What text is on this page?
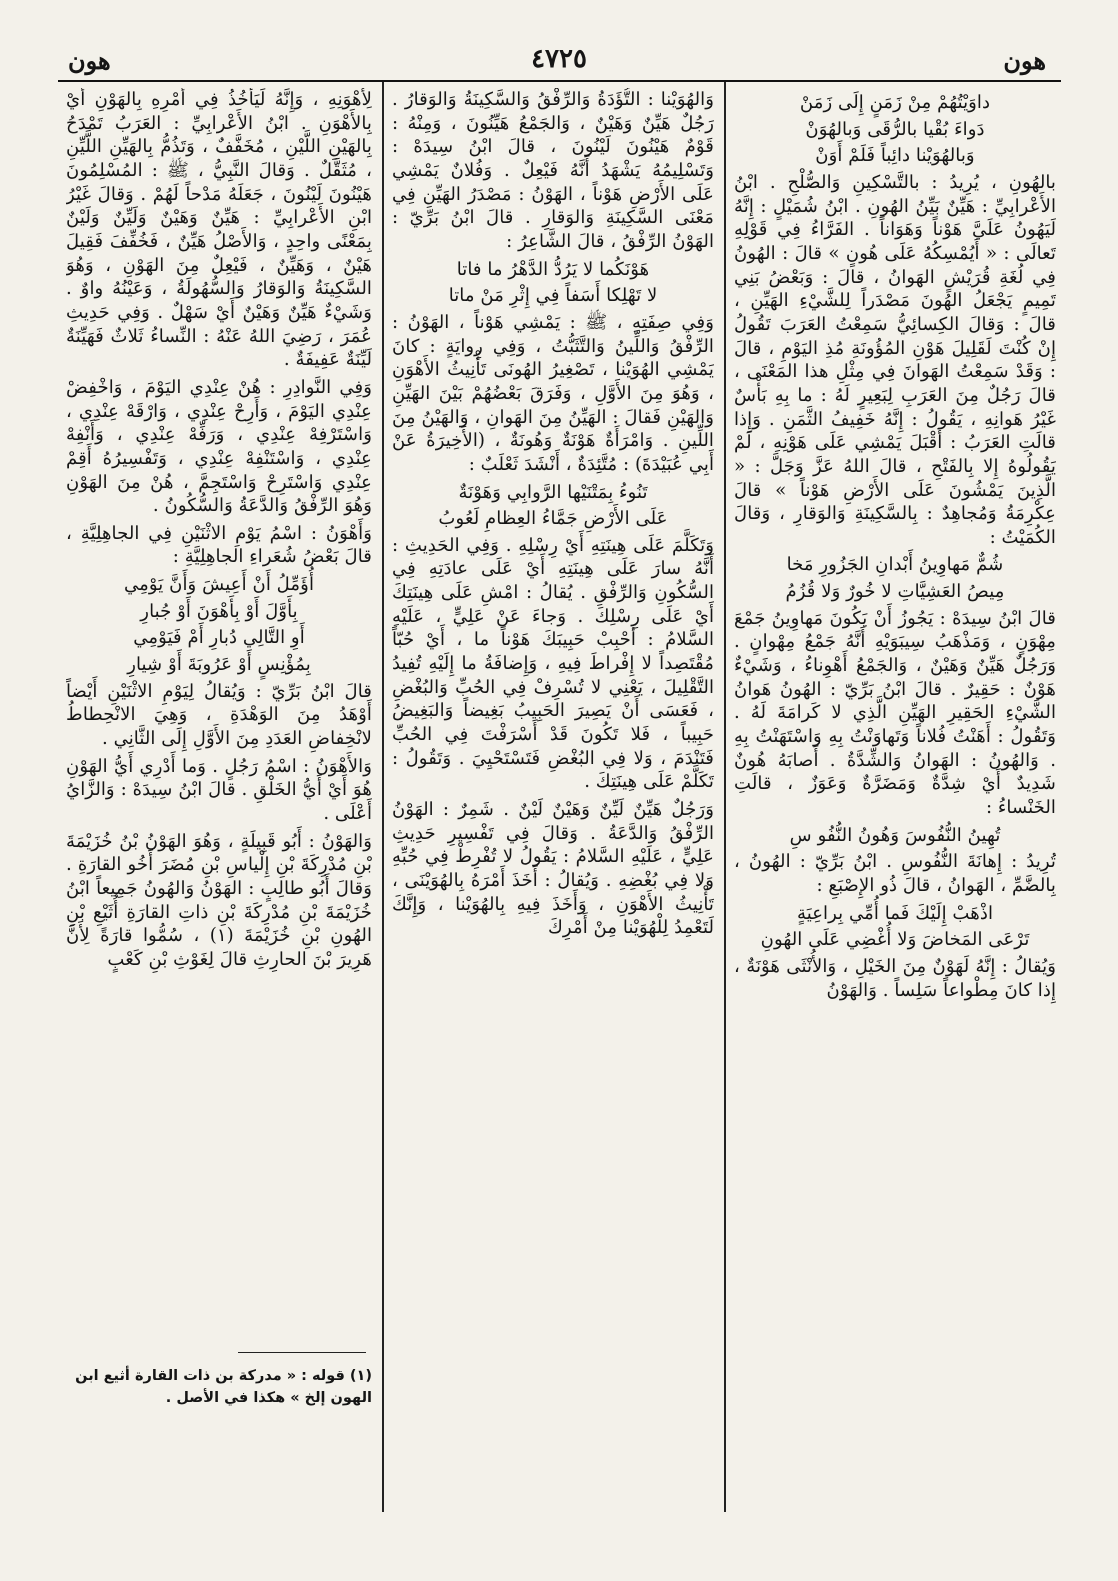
هون
٤٧٢٥
هون

داوَيْتُهُمْ مِنْ زَمَنٍ إِلَى زَمَنْ

دَواءَ بُقْيا بالرُّقَى وَبالهُوَنْ

وَبالهُوَيْنا دائِباً فَلَمْ أَوَنْ

بالهُونِ ، يُرِيدُ : بالتَّسْكِينِ وَالصُّلْحِ . ابْنُ الأَعْرابِيِّ : هَيِّنٌ بَيِّنُ الهُونِ . ابْنُ شُمَيْلٍ : إِنَّهُ لَيَهُونُ عَلَيَّ هَوْناً وَهَوَاناً . الفَرَّاءُ فِي قَوْلِهِ تَعالَى : « أَيُمْسِكُهُ عَلَى هُونٍ » قالَ : الهُونُ فِي لُغَةِ قُرَيْشٍ الهَوانُ ، قالَ : وَبَعْضُ بَنِي تَمِيمٍ يَجْعَلُ الهُونَ مَصْدَراً لِلشَّيْءِ الهَيِّنِ ، قالَ : وَقالَ الكِسائِيُّ سَمِعْتُ العَرَبَ تَقُولُ إِنْ كُنْتَ لَقَلِيلَ هَوْنِ المُؤُونَةِ مُذِ اليَوْمِ ، قالَ : وَقَدْ سَمِعْتُ الهَوانَ فِي مِثْلِ هذا المَعْنَى ، قالَ رَجُلٌ مِنَ العَرَبِ لِبَعِيرٍ لَهُ : ما بِهِ بَأْسٌ غَيْرُ هَوانِهِ ، يَقُولُ : إِنَّهُ خَفِيفُ الثَّمَنِ . وَإِذا قالَتِ العَرَبُ : أَقْبَلَ يَمْشِي عَلَى هَوْنِهِ ، لَمْ يَقُولُوهُ إِلا بِالفَتْحِ ، قالَ اللهُ عَزَّ وَجَلَّ : « الَّذِينَ يَمْشُونَ عَلَى الأَرْضِ هَوْناً » قالَ عِكْرِمَةُ وَمُجاهِدٌ : بِالسَّكِينَةِ وَالوَقارِ ، وَقالَ الكُمَيْتُ :

شُمٌّ مَهاوِينُ أَبْدانِ الجَزُورِ مَخا

مِيصُ العَشِيَّاتِ لا خُورٌ وَلا قُزُمُ

قالَ ابْنُ سِيدَهْ : يَجُوزُ أَنْ يَكُونَ مَهاوِينُ جَمْعَ مِهْوَنٍ ، وَمَذْهَبُ سِيبَوَيْهِ أَنَّهُ جَمْعُ مِهْوانٍ . وَرَجُلٌ هَيِّنٌ وَهَيْنٌ ، وَالجَمْعُ أَهْوِناءُ ، وَشَيْءٌ هَوْنٌ : حَقِيرٌ . قالَ ابْنُ بَرِّيّ : الهُونُ هَوانُ الشَّيْءِ الحَقِيرِ الهَيِّنِ الَّذِي لا كَرامَةَ لَهُ . وَتَقُولُ : أَهَنْتُ فُلاناً وَتَهاوَنْتُ بِهِ وَاسْتَهَنْتُ بِهِ . وَالهُونُ : الهَوانُ وَالشِّدَّةُ . أَصابَهُ هُونٌ شَدِيدٌ أَيْ شِدَّةٌ وَمَضَرَّةٌ وَعَوَزٌ ، قالَتِ الخَنْساءُ :

تُهِينُ النُّفُوسَ وَهُونُ النُّفُو سِ

تُرِيدُ : إِهانَةَ النُّفُوسِ . ابْنُ بَرِّيّ : الهُونُ ، بِالضَّمِّ ، الهَوانُ ، قالَ ذُو الإِصْبَعِ :

اذْهَبْ إِلَيْكَ فَما أُمِّي بِراعِيَةٍ

تَرْعَى المَخاضَ وَلا أُغْضِي عَلَى الهُونِ

وَيُقالُ : إِنَّهُ لَهَوْنٌ مِنَ الخَيْلِ ، وَالأُنْثَى هَوْنَةٌ ، إِذا كانَ مِطْواعاً سَلِساً . وَالهَوْنُ

وَالهُوَيْنا : التُّؤَدَةُ وَالرِّفْقُ وَالسَّكِينَةُ وَالوَقارُ . رَجُلٌ هَيِّنٌ وَهَيْنٌ ، وَالجَمْعُ هَيِّنُونَ ، وَمِنْهُ : قَوْمٌ هَيْنُونَ لَيْنُونَ ، قالَ ابْنُ سِيدَهْ : وَتَسْلِيمُهُ يَشْهَدُ أَنَّهُ فَيْعِلٌ . وَفُلانٌ يَمْشِي عَلَى الأَرْضِ هَوْناً ، الهَوْنُ : مَصْدَرُ الهَيِّنِ فِي مَعْنَى السَّكِينَةِ وَالوَقارِ . قالَ ابْنُ بَرِّيّ : الهَوْنُ الرِّفْقُ ، قالَ الشَّاعِرُ :

هَوْنَكُما لا يَرُدُّ الدَّهْرُ ما فاتا

لا تَهْلِكا أَسَفاً فِي إِثْرِ مَنْ ماتا

وَفِي صِفَتِهِ ، ﷺ : يَمْشِي هَوْناً ، الهَوْنُ : الرِّفْقُ وَاللِّينُ وَالتَّثَبُّتُ ، وَفِي رِوايَةٍ : كانَ يَمْشِي الهُوَيْنا ، تَصْغِيرُ الهُونَى تَأْنِيثُ الأَهْوَنِ ، وَهُوَ مِنَ الأَوَّلِ ، وَفَرَقَ بَعْضُهُمْ بَيْنَ الهَيِّنِ وَالهَيْنِ فَقالَ : الهَيِّنُ مِنَ الهَوانِ ، وَالهَيْنُ مِنَ اللِّينِ . وَامْرَأَةٌ هَوْنَةٌ وَهُونَةٌ ، (الأَخِيرَةُ عَنْ أَبِي عُبَيْدَةَ) : مُتَّئِدَةٌ ، أَنْشَدَ ثَعْلَبٌ :

تَنُوءُ بِمَتْنَيْها الرَّوابِي وَهَوْنَةٌ

عَلَى الأَرْضِ جَمَّاءُ العِظامِ لَعُوبُ

وَتَكَلَّمَ عَلَى هِينَتِهِ أَيْ رِسْلِهِ . وَفِي الحَدِيثِ : أَنَّهُ سارَ عَلَى هِينَتِهِ أَيْ عَلَى عادَتِهِ فِي السُّكُونِ وَالرِّفْقِ . يُقالُ : امْشِ عَلَى هِينَتِكَ أَيْ عَلَى رِسْلِكَ . وَجاءَ عَنْ عَلِيٍّ ، عَلَيْهِ السَّلامُ : أَحْبِبْ حَبِيبَكَ هَوْناً ما ، أَيْ حُبّاً مُقْتَصِداً لا إِفْراطَ فِيهِ ، وَإِضافَةُ ما إِلَيْهِ تُفِيدُ التَّقْلِيلَ ، يَعْنِي لا تُسْرِفْ فِي الحُبِّ وَالبُغْضِ ، فَعَسَى أَنْ يَصِيرَ الحَبِيبُ بَغِيضاً وَالبَغِيضُ حَبِيباً ، فَلا تَكُونَ قَدْ أَسْرَفْتَ فِي الحُبِّ فَتَنْدَمَ ، وَلا فِي البُغْضِ فَتَسْتَحْيِيَ . وَتَقُولُ : تَكَلَّمْ عَلَى هِينَتِكَ .

وَرَجُلٌ هَيِّنٌ لَيِّنٌ وَهَيْنٌ لَيْنٌ . شَمِرٌ : الهَوْنُ الرِّفْقُ وَالدَّعَةُ . وَقالَ فِي تَفْسِيرِ حَدِيثِ عَلِيٍّ ، عَلَيْهِ السَّلامُ : يَقُولُ لا تُفْرِطْ فِي حُبِّهِ وَلا فِي بُغْضِهِ . وَيُقالُ : أَخَذَ أَمْرَهُ بِالهُوَيْنَى ، تَأْنِيثُ الأَهْوَنِ ، وَأَخَذَ فِيهِ بِالهُوَيْنا ، وَإِنَّكَ لَتَعْمِدُ لِلْهُوَيْنا مِنْ أَمْرِكَ

لِأَهْوَنِهِ ، وَإِنَّهُ لَيَأْخُذُ فِي أَمْرِهِ بِالهَوْنِ أَيْ بِالأَهْوَنِ . ابْنُ الأَعْرابِيِّ : العَرَبُ تَمْدَحُ بِالهَيْنِ اللَّيْنِ ، مُخَفَّفٌ ، وَتَذُمُّ بِالهَيِّنِ اللَّيِّنِ ، مُثَقَّلٌ . وَقالَ النَّبِيُّ ، ﷺ : المُسْلِمُونَ هَيْنُونَ لَيْنُونَ ، جَعَلَهُ مَدْحاً لَهُمْ . وَقالَ غَيْرُ ابْنِ الأَعْرابِيِّ : هَيِّنٌ وَهَيْنٌ وَلَيِّنٌ وَلَيْنٌ بِمَعْنًى واحِدٍ ، وَالأَصْلُ هَيِّنٌ ، فَخُفِّفَ فَقِيلَ هَيْنٌ ، وَهَيِّنٌ ، فَيْعِلٌ مِنَ الهَوْنِ ، وَهُوَ السَّكِينَةُ وَالوَقارُ وَالسُّهُولَةُ ، وَعَيْنُهُ واوٌ . وَشَيْءٌ هَيِّنٌ وَهَيْنٌ أَيْ سَهْلٌ . وَفِي حَدِيثِ عُمَرَ ، رَضِيَ اللهُ عَنْهُ : النِّساءُ ثَلاثٌ فَهَيِّنَةٌ لَيِّنَةٌ عَفِيفَةٌ .

وَفِي النَّوادِرِ : هُنْ عِنْدِي اليَوْمَ ، وَاخْفِضْ عِنْدِي اليَوْمَ ، وَأَرِحْ عِنْدِي ، وَارْقَهْ عِنْدِي ، وَاسْتَرْفِهْ عِنْدِي ، وَرَفِّهْ عِنْدِي ، وَأَنْفِهْ عِنْدِي ، وَاسْتَنْفِهْ عِنْدِي ، وَتَفْسِيرُهُ أَقِمْ عِنْدِي وَاسْتَرِحْ وَاسْتَجِمَّ ، هُنْ مِنَ الهَوْنِ وَهُوَ الرِّفْقُ وَالدَّعَةُ وَالسُّكُونُ .

وَأَهْوَنُ : اسْمُ يَوْمِ الاثْنَيْنِ فِي الجاهِلِيَّةِ ، قالَ بَعْضُ شُعَراءِ الجاهِلِيَّةِ :

أُؤَمِّلُ أَنْ أَعِيشَ وَأَنَّ يَوْمِي

بِأَوَّلَ أَوْ بِأَهْوَنَ أَوْ جُبارِ

أَوِ التَّالِي دُبارِ أَمْ فَيَوْمِي

بِمُؤْنِسٍ أَوْ عَرُوبَةَ أَوْ شِيارِ

قالَ ابْنُ بَرِّيّ : وَيُقالُ لِيَوْمِ الاثْنَيْنِ أَيْضاً أَوْهَدُ مِنَ الوَهْدَةِ ، وَهِيَ الانْحِطاطُ لانْخِفاضِ العَدَدِ مِنَ الأَوَّلِ إِلَى الثَّانِي .

وَالأَهْوَنُ : اسْمُ رَجُلٍ . وَما أَدْرِي أَيُّ الهَوْنِ هُوَ أَيْ أَيُّ الخَلْقِ . قالَ ابْنُ سِيدَهْ : وَالزَّايُ أَعْلَى .

وَالهَوْنُ : أَبُو قَبِيلَةٍ ، وَهُوَ الهَوْنُ بْنُ خُزَيْمَةَ بْنِ مُدْرِكَةَ بْنِ إِلْياسِ بْنِ مُضَرَ أَخُو القارَةِ . وَقالَ أَبُو طالِبٍ : الهَوْنُ وَالهُونُ جَمِيعاً ابْنُ خُزَيْمَةَ بْنِ مُدْرِكَةَ بْنِ ذاتِ القارَةِ أُثَيْعِ بْنِ الهُونِ بْنِ خُزَيْمَةَ (١) ، سُمُّوا قارَةً لِأَنَّ هَرِيرَ بْنَ الحارِثِ قالَ لِغَوْثِ بْنِ كَعْبٍ

(١) قوله : « مدركة بن ذات القارة أثيع ابن الهون إلخ » هكذا في الأصل .
